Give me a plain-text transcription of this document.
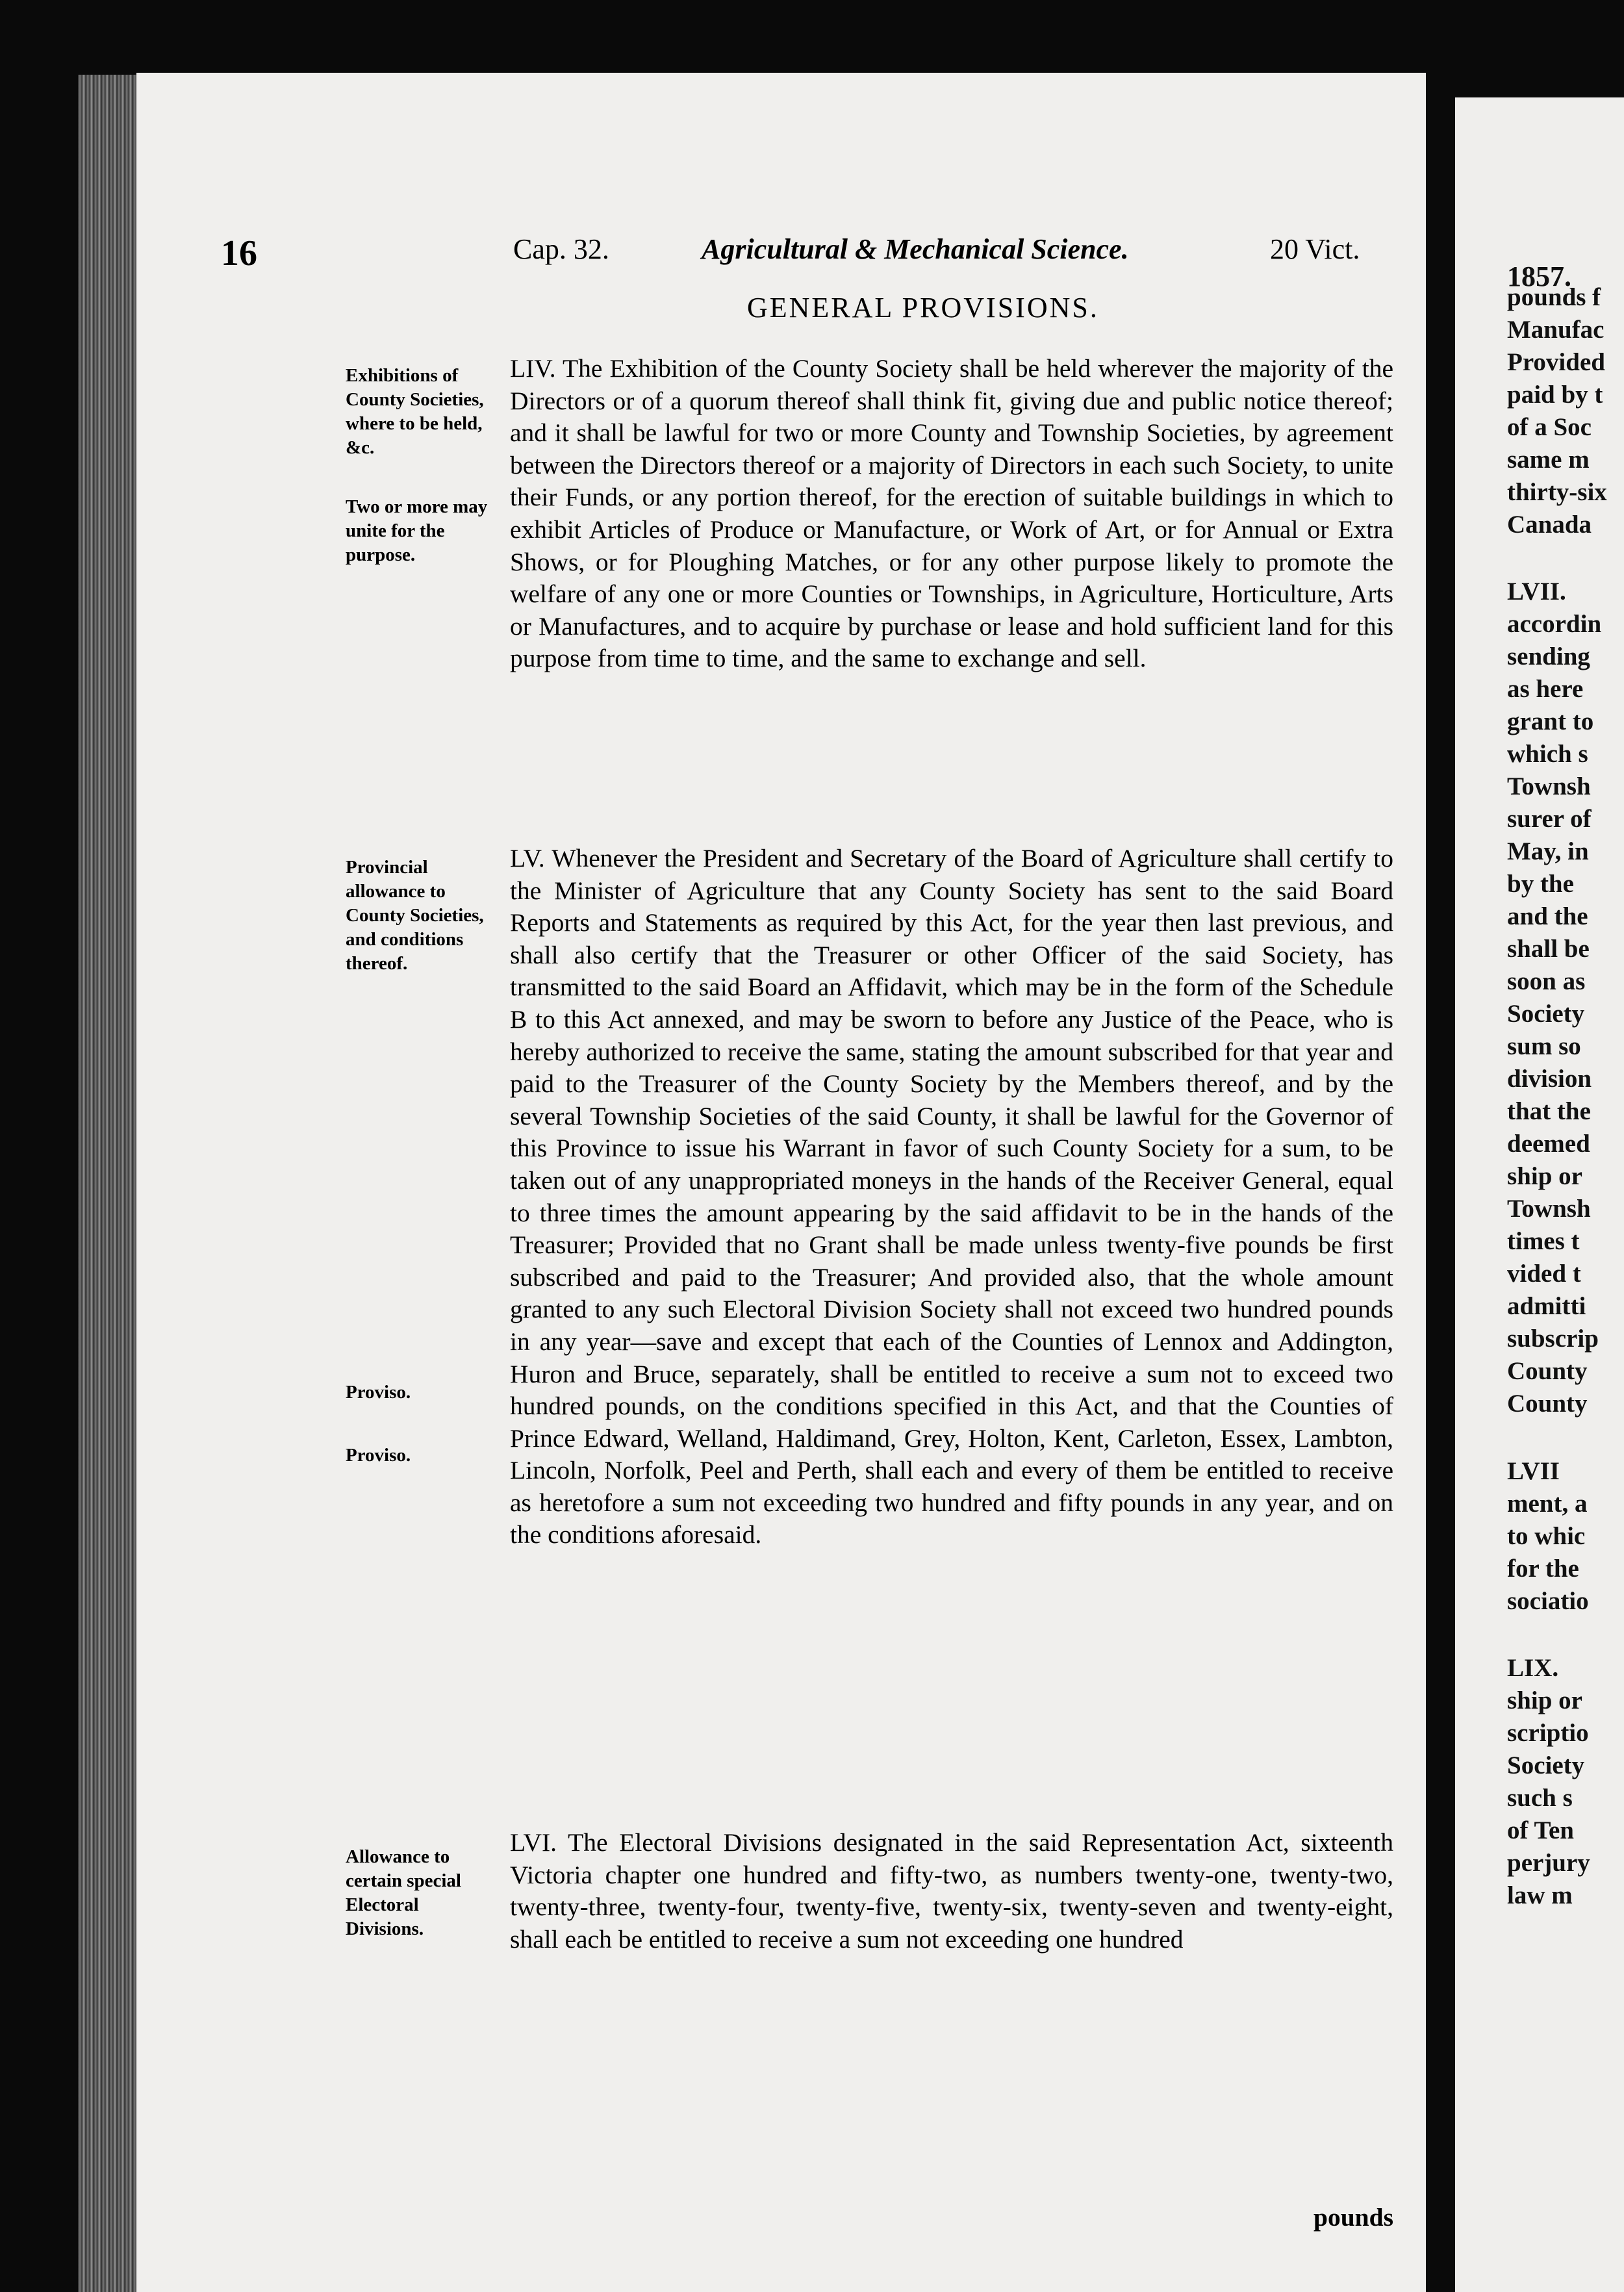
16	Cap. 32.	Agricultural & Mechanical Science.	20 Vict.
GENERAL PROVISIONS.
Exhibitions of County Societies, where to be held, &c.
Two or more may unite for the purpose.
Provincial allowance to County Societies, and conditions thereof.
Proviso.
Proviso.
Allowance to certain special Electoral Divisions.
LIV. The Exhibition of the County Society shall be held wherever the majority of the Directors or of a quorum thereof shall think fit, giving due and public notice thereof; and it shall be lawful for two or more County and Township Societies, by agreement between the Directors thereof or a majority of Directors in each such Society, to unite their Funds, or any portion thereof, for the erection of suitable buildings in which to exhibit Articles of Produce or Manufacture, or Work of Art, or for Annual or Extra Shows, or for Ploughing Matches, or for any other purpose likely to promote the welfare of any one or more Counties or Townships, in Agriculture, Horticulture, Arts or Manufactures, and to acquire by purchase or lease and hold sufficient land for this purpose from time to time, and the same to exchange and sell.
LV. Whenever the President and Secretary of the Board of Agriculture shall certify to the Minister of Agriculture that any County Society has sent to the said Board Reports and Statements as required by this Act, for the year then last previous, and shall also certify that the Treasurer or other Officer of the said Society, has transmitted to the said Board an Affidavit, which may be in the form of the Schedule B to this Act annexed, and may be sworn to before any Justice of the Peace, who is hereby authorized to receive the same, stating the amount subscribed for that year and paid to the Treasurer of the County Society by the Members thereof, and by the several Township Societies of the said County, it shall be lawful for the Governor of this Province to issue his Warrant in favor of such County Society for a sum, to be taken out of any unappropriated moneys in the hands of the Receiver General, equal to three times the amount appearing by the said affidavit to be in the hands of the Treasurer; Provided that no Grant shall be made unless twenty-five pounds be first subscribed and paid to the Treasurer; And provided also, that the whole amount granted to any such Electoral Division Society shall not exceed two hundred pounds in any year—save and except that each of the Counties of Lennox and Addington, Huron and Bruce, separately, shall be entitled to receive a sum not to exceed two hundred pounds, on the conditions specified in this Act, and that the Counties of Prince Edward, Welland, Haldimand, Grey, Holton, Kent, Carleton, Essex, Lambton, Lincoln, Norfolk, Peel and Perth, shall each and every of them be entitled to receive as heretofore a sum not exceeding two hundred and fifty pounds in any year, and on the conditions aforesaid.
LVI. The Electoral Divisions designated in the said Representation Act, sixteenth Victoria chapter one hundred and fifty-two, as numbers twenty-one, twenty-two, twenty-three, twenty-four, twenty-five, twenty-six, twenty-seven and twenty-eight, shall each be entitled to receive a sum not exceeding one hundred
pounds
1857.
pounds f
Manufac
Provided
paid by t
of a Soc
same m
thirty-six
Canada
LVII.
accordin
sending
as here
grant to
which s
Townsh
surer of
May, in
by the
and the
shall be
soon as
Society
sum so
division
that the
deemed
ship or
Townsh
times t
vided t
admitti
subscrip
County
County
LVII
ment, a
to whic
for the
sociatio
LIX.
ship or
scriptio
Society
such s
of Ten
perjury
law m
